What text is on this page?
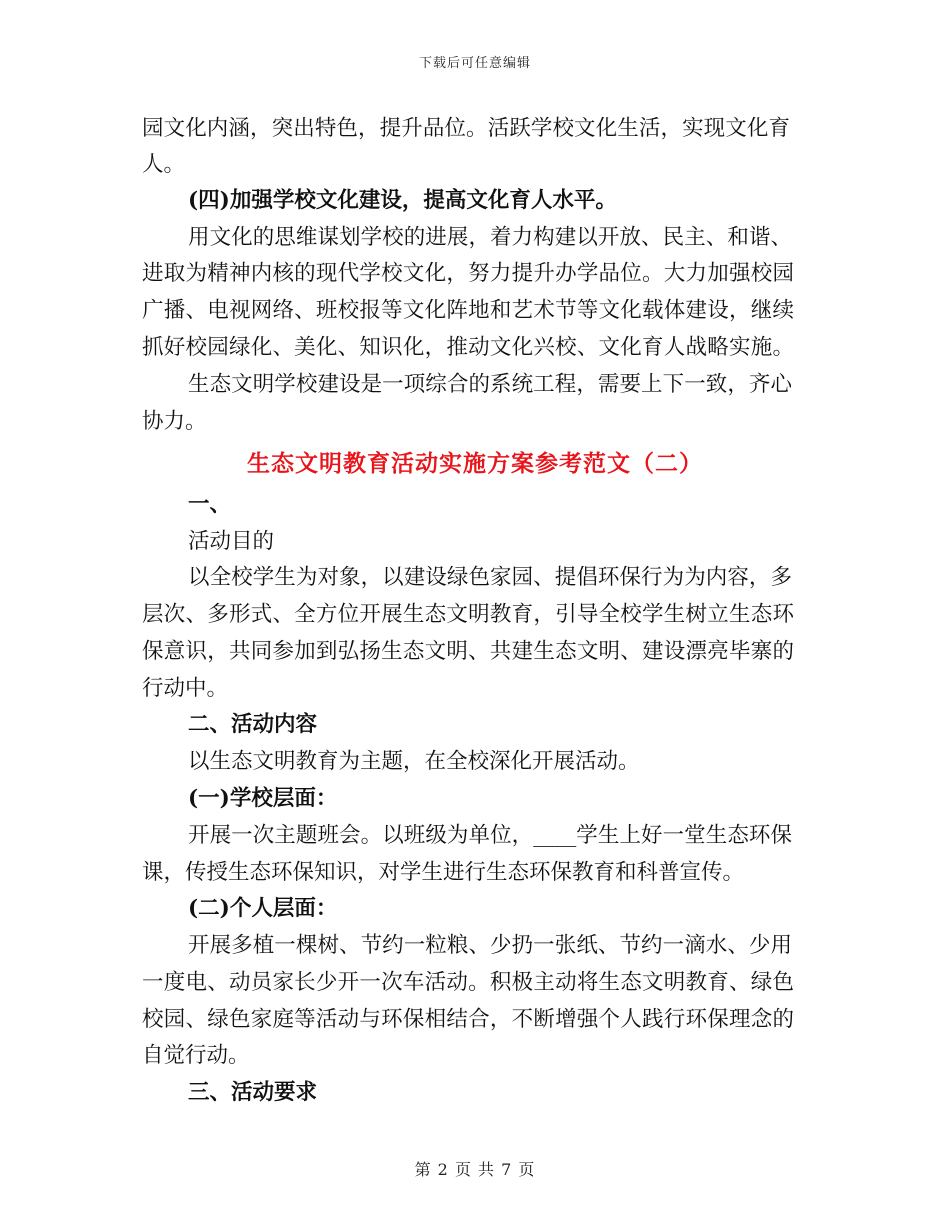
下载后可任意编辑
园文化内涵，突出特色，提升品位。活跃学校文化生活，实现文化育
人。
(四)加强学校文化建设，提高文化育人水平。
用文化的思维谋划学校的进展，着力构建以开放、民主、和谐、
进取为精神内核的现代学校文化，努力提升办学品位。大力加强校园
广播、电视网络、班校报等文化阵地和艺术节等文化载体建设，继续
抓好校园绿化、美化、知识化，推动文化兴校、文化育人战略实施。
生态文明学校建设是一项综合的系统工程，需要上下一致，齐心
协力。
生态文明教育活动实施方案参考范文（二）
一、
活动目的
以全校学生为对象，以建设绿色家园、提倡环保行为为内容，多
层次、多形式、全方位开展生态文明教育，引导全校学生树立生态环
保意识，共同参加到弘扬生态文明、共建生态文明、建设漂亮毕寨的
行动中。
二、活动内容
以生态文明教育为主题，在全校深化开展活动。
(一)学校层面：
开展一次主题班会。以班级为单位，____学生上好一堂生态环保
课，传授生态环保知识，对学生进行生态环保教育和科普宣传。
(二)个人层面：
开展多植一棵树、节约一粒粮、少扔一张纸、节约一滴水、少用
一度电、动员家长少开一次车活动。积极主动将生态文明教育、绿色
校园、绿色家庭等活动与环保相结合，不断增强个人践行环保理念的
自觉行动。
三、活动要求
第 2 页 共 7 页
